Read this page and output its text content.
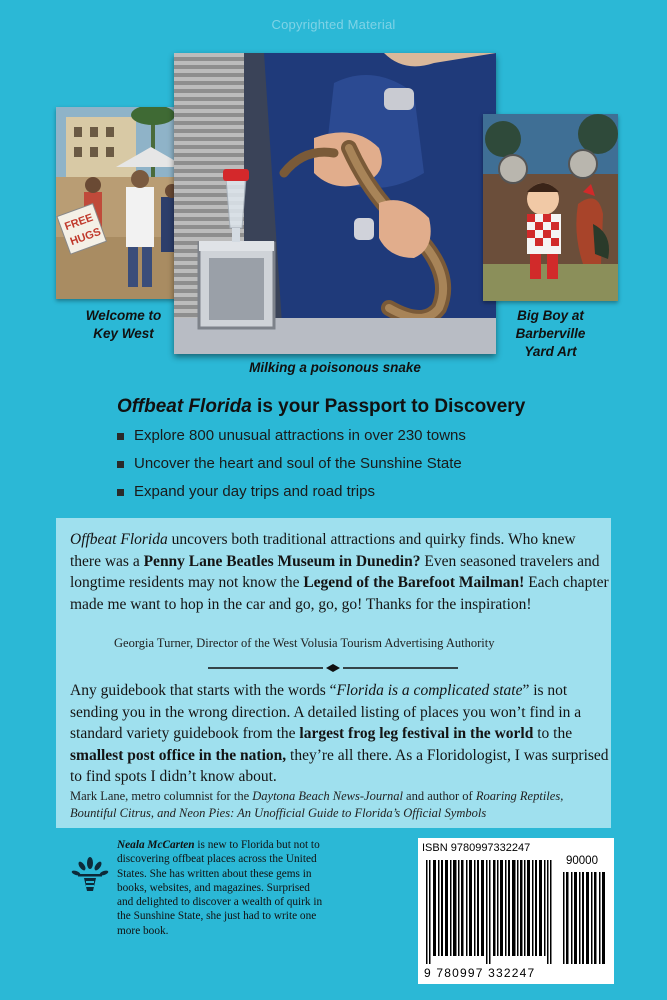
Copyrighted Material
FREE
HUGS
Welcome to
Key West
Milking a poisonous snake
Big Boy at
Barberville
Yard Art
Offbeat Florida is your Passport to Discovery
Explore 800 unusual attractions in over 230 towns
Uncover the heart and soul of the Sunshine State
Expand your day trips and road trips
Offbeat Florida uncovers both traditional attractions and quirky finds. Who knew there was a Penny Lane Beatles Museum in Dunedin? Even seasoned travelers and longtime residents may not know the Legend of the Barefoot Mailman! Each chapter made me want to hop in the car and go, go, go! Thanks for the inspiration!
Georgia Turner, Director of the West Volusia Tourism Advertising Authority
Any guidebook that starts with the words “Florida is a complicated state” is not sending you in the wrong direction. A detailed listing of places you won’t find in a standard variety guidebook from the largest frog leg festival in the world to the smallest post office in the nation, they’re all there. As a Floridologist, I was surprised to find spots I didn’t know about.
Mark Lane, metro columnist for the Daytona Beach News-Journal and author of Roaring Reptiles, Bountiful Citrus, and Neon Pies: An Unofficial Guide to Florida’s Official Symbols
Neala McCarten is new to Florida but not to discovering offbeat places across the United States. She has written about these gems in books, websites, and magazines. Surprised and delighted to discover a wealth of quirk in the Sunshine State, she just had to write one more book.
ISBN 9780997332247
90000
9 780997 332247
